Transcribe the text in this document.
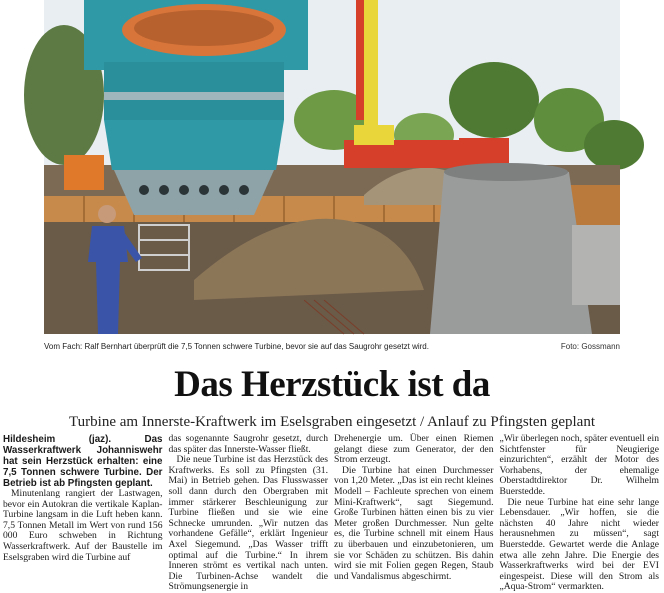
Vom Fach: Ralf Bernhart überprüft die 7,5 Tonnen schwere Turbine, bevor sie auf das Saugrohr gesetzt wird.	Foto: Gossmann
Das Herzstück ist da
Turbine am Innerste-Kraftwerk im Eselsgraben eingesetzt / Anlauf zu Pfingsten geplant

Hildesheim (jaz). Das Wasserkraftwerk Johanniswehr hat sein Herzstück erhalten: eine 7,5 Tonnen schwere Turbine. Der Betrieb ist ab Pfingsten geplant.

Minutenlang rangiert der Lastwagen, bevor ein Autokran die vertikale Kaplan-Turbine langsam in die Luft heben kann. 7,5 Tonnen Metall im Wert von rund 156 000 Euro schweben in Richtung Wasserkraftwerk. Auf der Baustelle im Eselsgraben wird die Turbine auf

das sogenannte Saugrohr gesetzt, durch das später das Innerste-Wasser fließt.

Die neue Turbine ist das Herzstück des Kraftwerks. Es soll zu Pfingsten (31. Mai) in Betrieb gehen. Das Flusswasser soll dann durch den Obergraben mit immer stärkerer Beschleunigung zur Turbine fließen und sie wie eine Schnecke umrunden. „Wir nutzen das vorhandene Gefälle“, erklärt Ingenieur Axel Siegemund. „Das Wasser trifft optimal auf die Turbine.“ In ihrem Inneren strömt es vertikal nach unten. Die Turbinen-Achse wandelt die Strömungsenergie in

Drehenergie um. Über einen Riemen gelangt diese zum Generator, der den Strom erzeugt.

Die Turbine hat einen Durchmesser von 1,20 Meter. „Das ist ein recht kleines Modell – Fachleute sprechen von einem Mini-Kraftwerk“, sagt Siegemund. Große Turbinen hätten einen bis zu vier Meter großen Durchmesser. Nun gelte es, die Turbine schnell mit einem Haus zu überbauen und einzubetonieren, um sie vor Schäden zu schützen. Bis dahin wird sie mit Folien gegen Regen, Staub und Vandalismus abgeschirmt.

„Wir überlegen noch, später eventuell ein Sichtfenster für Neugierige einzurichten“, erzählt der Motor des Vorhabens, der ehemalige Oberstadtdirektor Dr. Wilhelm Buerstedde.

Die neue Turbine hat eine sehr lange Lebensdauer. „Wir hoffen, sie die nächsten 40 Jahre nicht wieder herausnehmen zu müssen“, sagt Buerstedde. Gewartet werde die Anlage etwa alle zehn Jahre. Die Energie des Wasserkraftwerks wird bei der EVI eingespeist. Diese will den Strom als „Aqua-Strom“ vermarkten.
